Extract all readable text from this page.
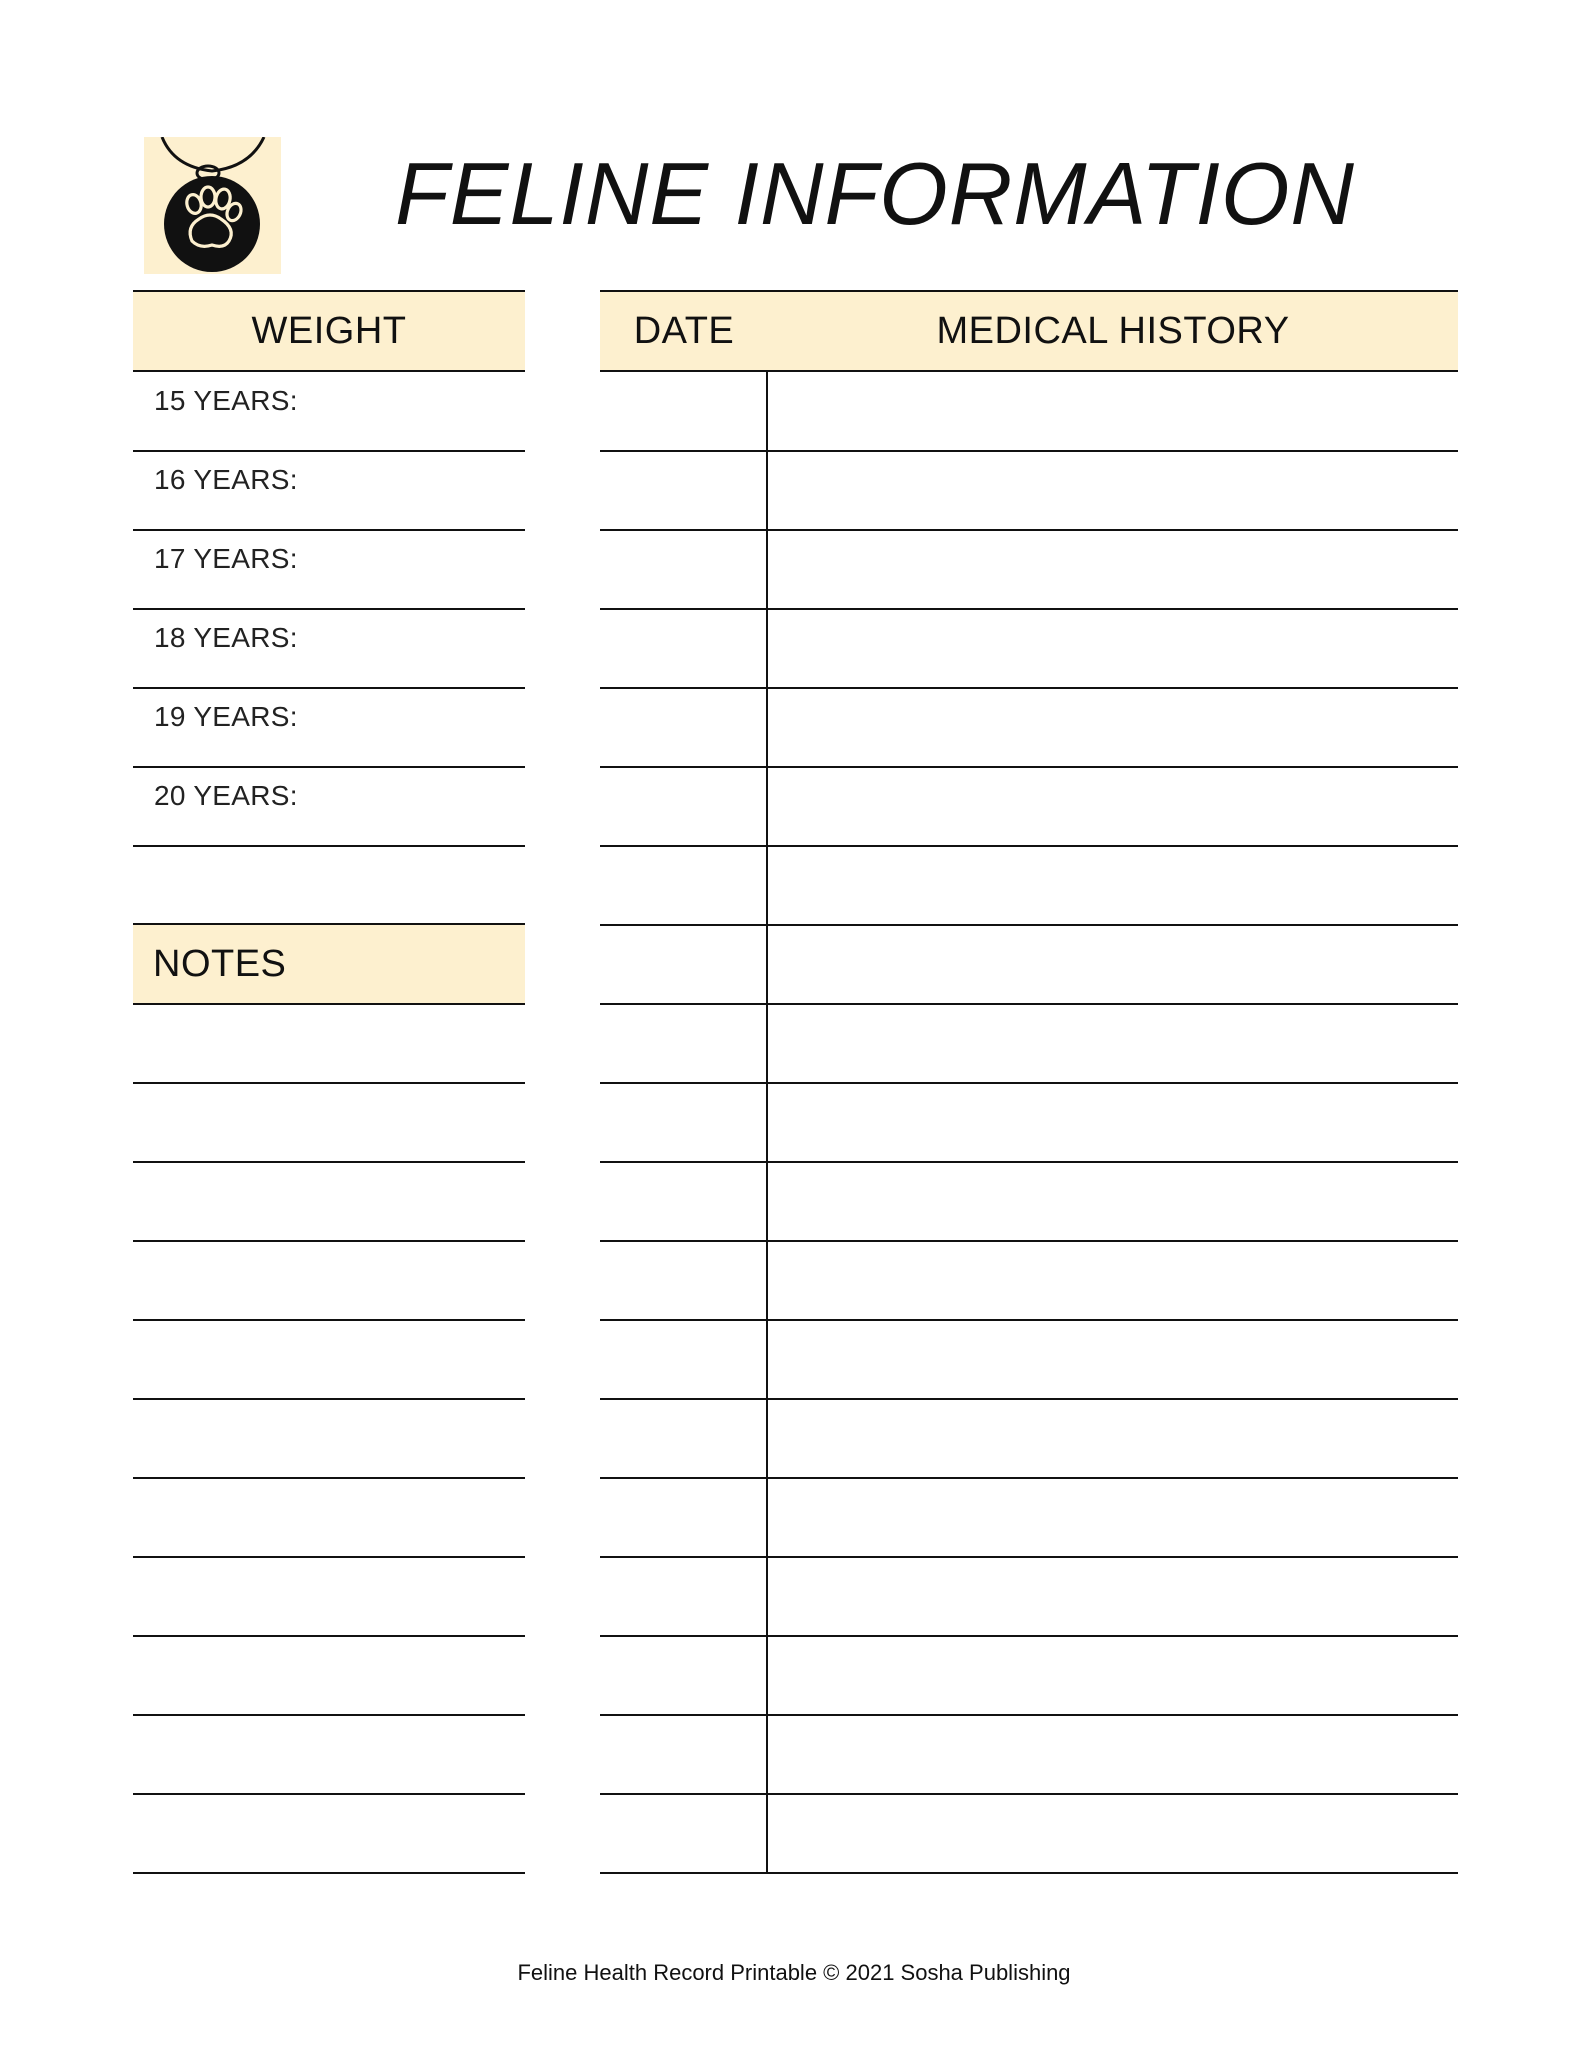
FELINE INFORMATION
WEIGHT	DATE	MEDICAL HISTORY
NOTES
15 YEARS:
16 YEARS:
17 YEARS:
18 YEARS:
19 YEARS:
20 YEARS:
Feline Health Record Printable © 2021 Sosha Publishing
